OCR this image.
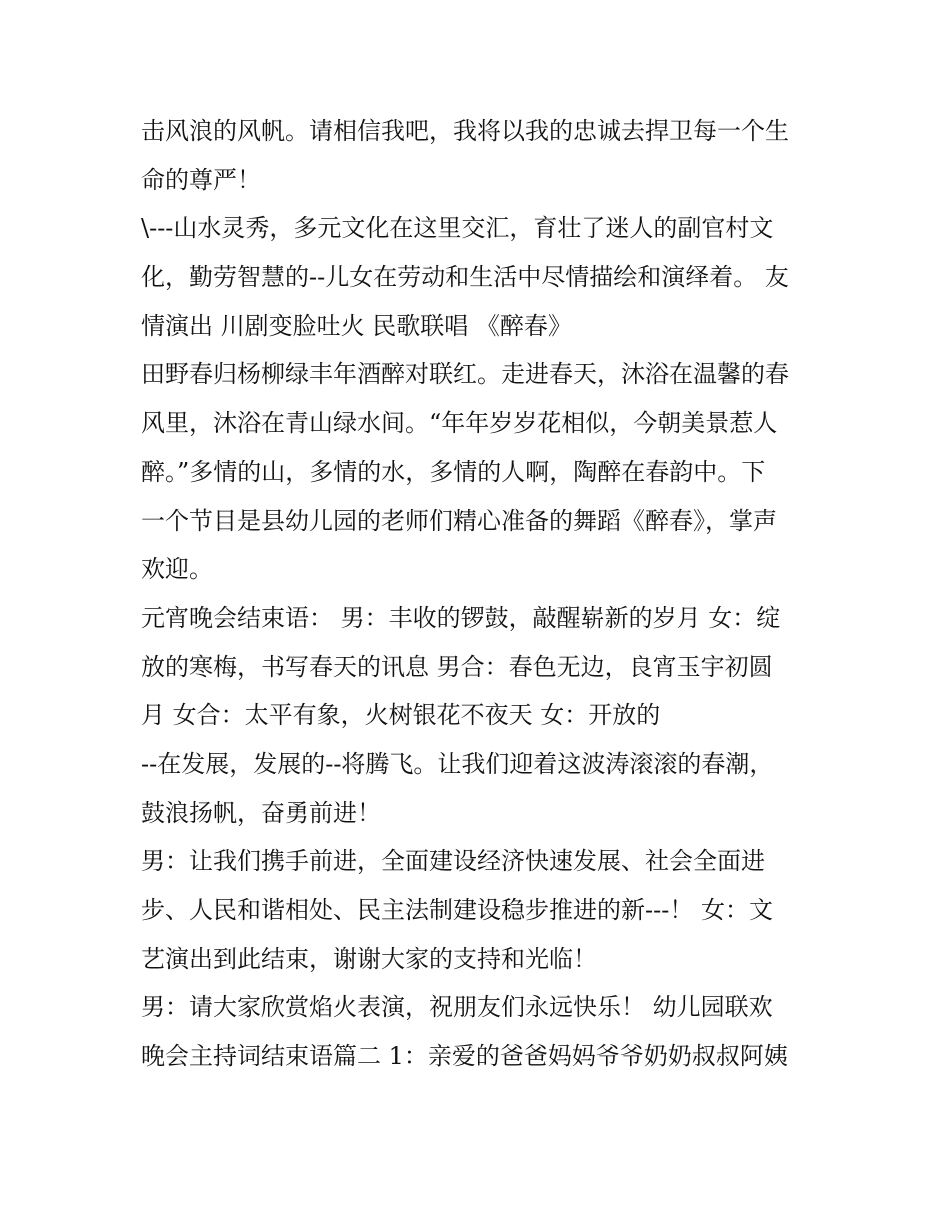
击风浪的风帆。请相信我吧，我将以我的忠诚去捍卫每一个生
命的尊严！
\---山水灵秀，多元文化在这里交汇，育壮了迷人的副官村文
化，勤劳智慧的--儿女在劳动和生活中尽情描绘和演绎着。 友
情演出 川剧变脸吐火 民歌联唱 《醉春》
田野春归杨柳绿丰年酒醉对联红。走进春天，沐浴在温馨的春
风里，沐浴在青山绿水间。“年年岁岁花相似，今朝美景惹人
醉。”多情的山，多情的水，多情的人啊，陶醉在春韵中。下
一个节目是县幼儿园的老师们精心准备的舞蹈《醉春》，掌声
欢迎。
元宵晚会结束语： 男：丰收的锣鼓，敲醒崭新的岁月 女：绽
放的寒梅，书写春天的讯息 男合：春色无边，良宵玉宇初圆
月 女合：太平有象，火树银花不夜天 女：开放的
--在发展，发展的--将腾飞。让我们迎着这波涛滚滚的春潮，
鼓浪扬帆，奋勇前进！
男：让我们携手前进，全面建设经济快速发展、社会全面进
步、人民和谐相处、民主法制建设稳步推进的新---！ 女：文
艺演出到此结束，谢谢大家的支持和光临！
男：请大家欣赏焰火表演，祝朋友们永远快乐！ 幼儿园联欢
晚会主持词结束语篇二 1：亲爱的爸爸妈妈爷爷奶奶叔叔阿姨
